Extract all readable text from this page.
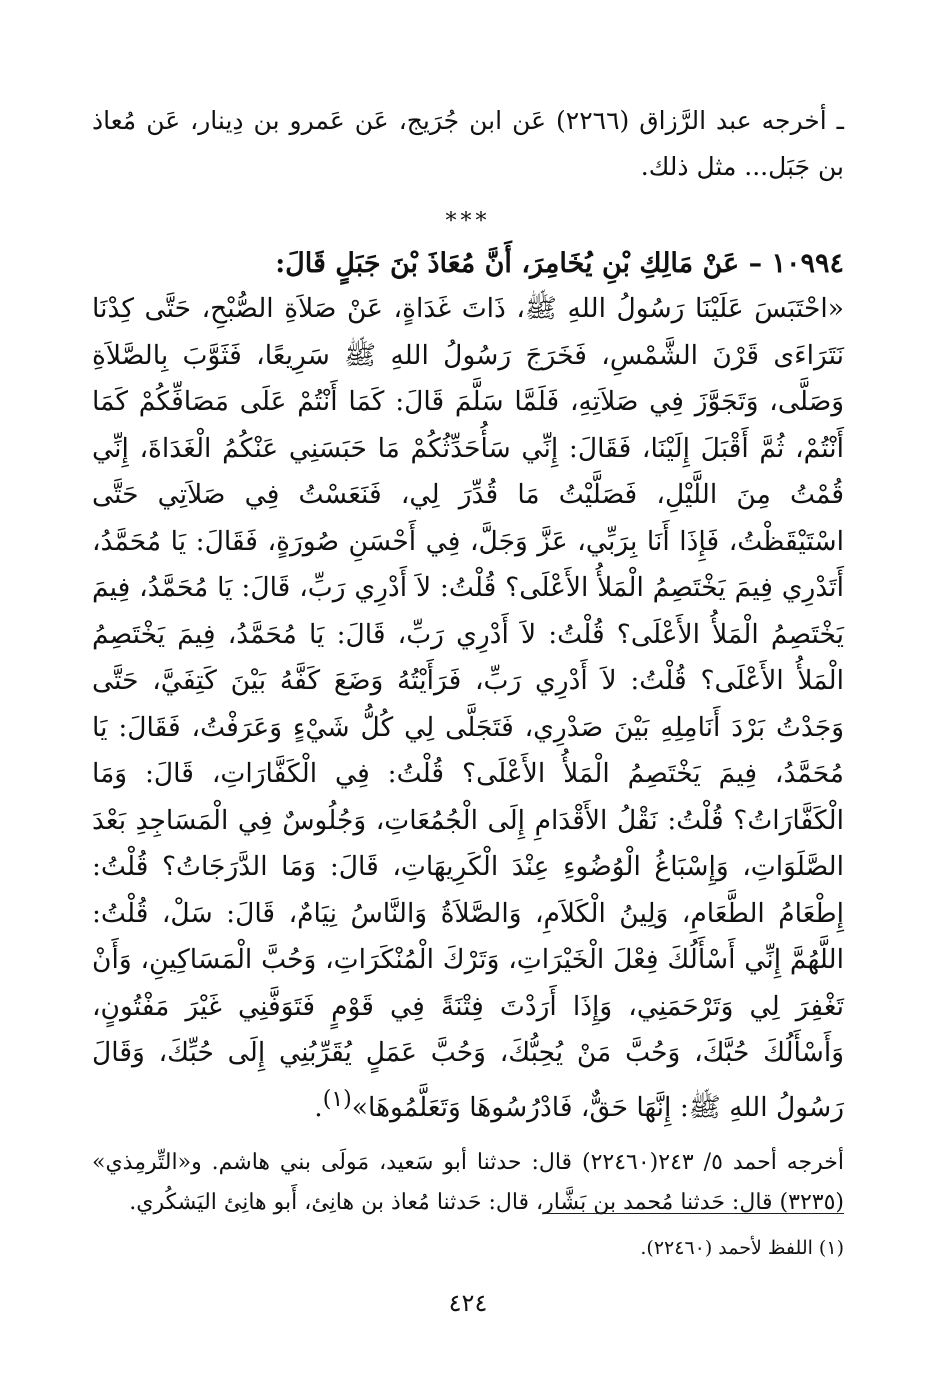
ـ أخرجه عبد الرَّزاق (٢٢٦٦) عَن ابن جُرَيج، عَن عَمرو بن دِينار، عَن مُعاذ بن جَبَل... مثل ذلك.

***

١٠٩٩٤ – عَنْ مَالِكِ بْنِ يُخَامِرَ، أَنَّ مُعَاذَ بْنَ جَبَلٍ قَالَ:

«احْتَبَسَ عَلَيْنَا رَسُولُ اللهِ ﷺ، ذَاتَ غَدَاةٍ، عَنْ صَلاَةِ الصُّبْحِ، حَتَّى كِدْنَا نَتَرَاءَى قَرْنَ الشَّمْسِ، فَخَرَجَ رَسُولُ اللهِ ﷺ سَرِيعًا، فَثَوَّبَ بِالصَّلاَةِ وَصَلَّى، وَتَجَوَّزَ فِي صَلاَتِهِ، فَلَمَّا سَلَّمَ قَالَ: كَمَا أَنْتُمْ عَلَى مَصَافِّكُمْ كَمَا أَنْتُمْ، ثُمَّ أَقْبَلَ إِلَيْنَا، فَقَالَ: إِنِّي سَأُحَدِّثُكُمْ مَا حَبَسَنِي عَنْكُمُ الْغَدَاةَ، إِنِّي قُمْتُ مِنَ اللَّيْلِ، فَصَلَّيْتُ مَا قُدِّرَ لِي، فَنَعَسْتُ فِي صَلاَتِي حَتَّى اسْتَيْقَظْتُ، فَإِذَا أَنَا بِرَبِّي، عَزَّ وَجَلَّ، فِي أَحْسَنِ صُورَةٍ، فَقَالَ: يَا مُحَمَّدُ، أَتَدْرِي فِيمَ يَخْتَصِمُ الْمَلأُ الأَعْلَى؟ قُلْتُ: لاَ أَدْرِي رَبِّ، قَالَ: يَا مُحَمَّدُ، فِيمَ يَخْتَصِمُ الْمَلأُ الأَعْلَى؟ قُلْتُ: لاَ أَدْرِي رَبِّ، قَالَ: يَا مُحَمَّدُ، فِيمَ يَخْتَصِمُ الْمَلأُ الأَعْلَى؟ قُلْتُ: لاَ أَدْرِي رَبِّ، فَرَأَيْتُهُ وَضَعَ كَفَّهُ بَيْنَ كَتِفَيَّ، حَتَّى وَجَدْتُ بَرْدَ أَنَامِلِهِ بَيْنَ صَدْرِي، فَتَجَلَّى لِي كُلُّ شَيْءٍ وَعَرَفْتُ، فَقَالَ: يَا مُحَمَّدُ، فِيمَ يَخْتَصِمُ الْمَلأُ الأَعْلَى؟ قُلْتُ: فِي الْكَفَّارَاتِ، قَالَ: وَمَا الْكَفَّارَاتُ؟ قُلْتُ: نَقْلُ الأَقْدَامِ إِلَى الْجُمُعَاتِ، وَجُلُوسٌ فِي الْمَسَاجِدِ بَعْدَ الصَّلَوَاتِ، وَإِسْبَاغُ الْوُضُوءِ عِنْدَ الْكَرِيهَاتِ، قَالَ: وَمَا الدَّرَجَاتُ؟ قُلْتُ: إِطْعَامُ الطَّعَامِ، وَلِينُ الْكَلاَمِ، وَالصَّلاَةُ وَالنَّاسُ نِيَامٌ، قَالَ: سَلْ، قُلْتُ: اللَّهُمَّ إِنِّي أَسْأَلُكَ فِعْلَ الْخَيْرَاتِ، وَتَرْكَ الْمُنْكَرَاتِ، وَحُبَّ الْمَسَاكِينِ، وَأَنْ تَغْفِرَ لِي وَتَرْحَمَنِي، وَإِذَا أَرَدْتَ فِتْنَةً فِي قَوْمٍ فَتَوَفَّنِي غَيْرَ مَفْتُونٍ، وَأَسْأَلُكَ حُبَّكَ، وَحُبَّ مَنْ يُحِبُّكَ، وَحُبَّ عَمَلٍ يُقَرِّبُنِي إِلَى حُبِّكَ، وَقَالَ رَسُولُ اللهِ ﷺ: إِنَّهَا حَقٌّ، فَادْرُسُوهَا وَتَعَلَّمُوهَا»$^{(١)}$.

أخرجه أحمد ٥/ ٢٤٣(٢٢٤٦٠) قال: حدثنا أبو سَعيد، مَولَى بني هاشم. و«التِّرمِذي» (٣٢٣٥) قال: حَدثنا مُحمد بن بَشَّار، قال: حَدثنا مُعاذ بن هانِئ، أَبو هانِئ اليَشكُري.

(١) اللفظ لأحمد (٢٢٤٦٠).

٤٢٤
